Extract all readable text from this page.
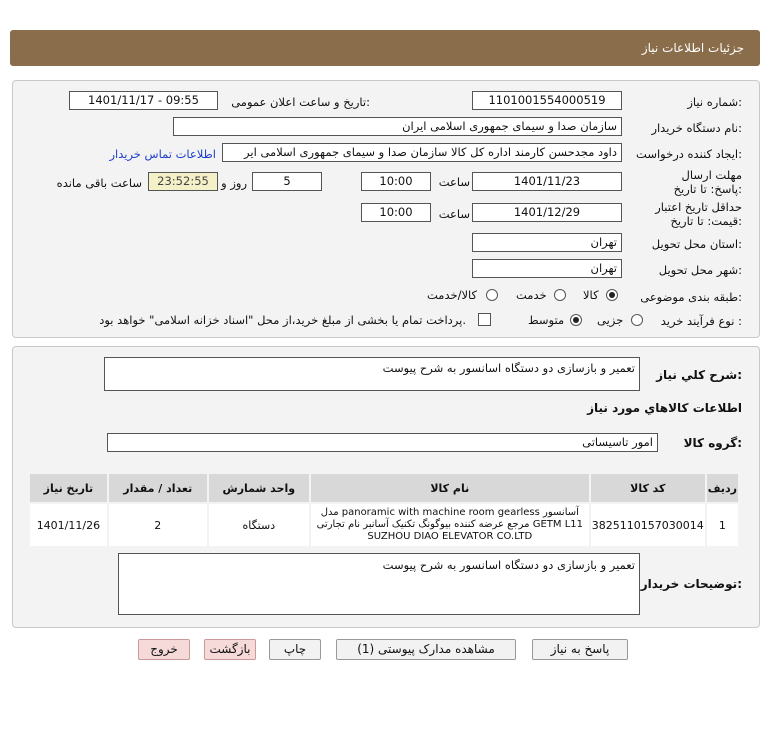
جزئیات اطلاعات نیاز
شماره نیاز:
1101001554000519
تاریخ و ساعت اعلان عمومی:
1401/11/17 - 09:55
نام دستگاه خریدار:
سازمان صدا و سیمای جمهوری اسلامی ایران
ایجاد کننده درخواست:
داود مجدحسن کارمند اداره کل کالا سازمان صدا و سیمای جمهوری اسلامی ایر
اطلاعات تماس خریدار
مهلت ارسال پاسخ: تا تاریخ:
1401/11/23
ساعت
10:00
5
روز و
23:52:55
ساعت باقی مانده
حداقل تاریخ اعتبار قیمت: تا تاریخ:
1401/12/29
ساعت
10:00
استان محل تحویل:
تهران
شهر محل تحویل:
تهران
طبقه بندی موضوعی:
کالا
خدمت
کالا/خدمت
نوع فرآیند خرید :
جزیی
متوسط
پرداخت تمام یا بخشی از مبلغ خرید،از محل "اسناد خزانه اسلامی" خواهد بود.
شرح کلي نياز:
تعمیر و بازسازی دو دستگاه اسانسور به شرح پیوست
اطلاعات کالاهاي مورد نياز
گروه کالا:
امور تاسیساتی
ردیف	کد کالا	نام کالا	واحد شمارش	تعداد / مقدار	تاریخ نیاز
1	3825110157030014	آسانسور panoramic with machine room gearless مدل GETM L11 مرجع عرضه کننده بیوگونگ تکنیک آسانبر نام تجارتی SUZHOU DIAO ELEVATOR CO.LTD	دستگاه	2	1401/11/26
توضیحات خریدار:
تعمیر و بازسازی دو دستگاه اسانسور به شرح پیوست
پاسخ به نیاز
مشاهده مدارک پیوستی (1)
چاپ
بازگشت
خروج
